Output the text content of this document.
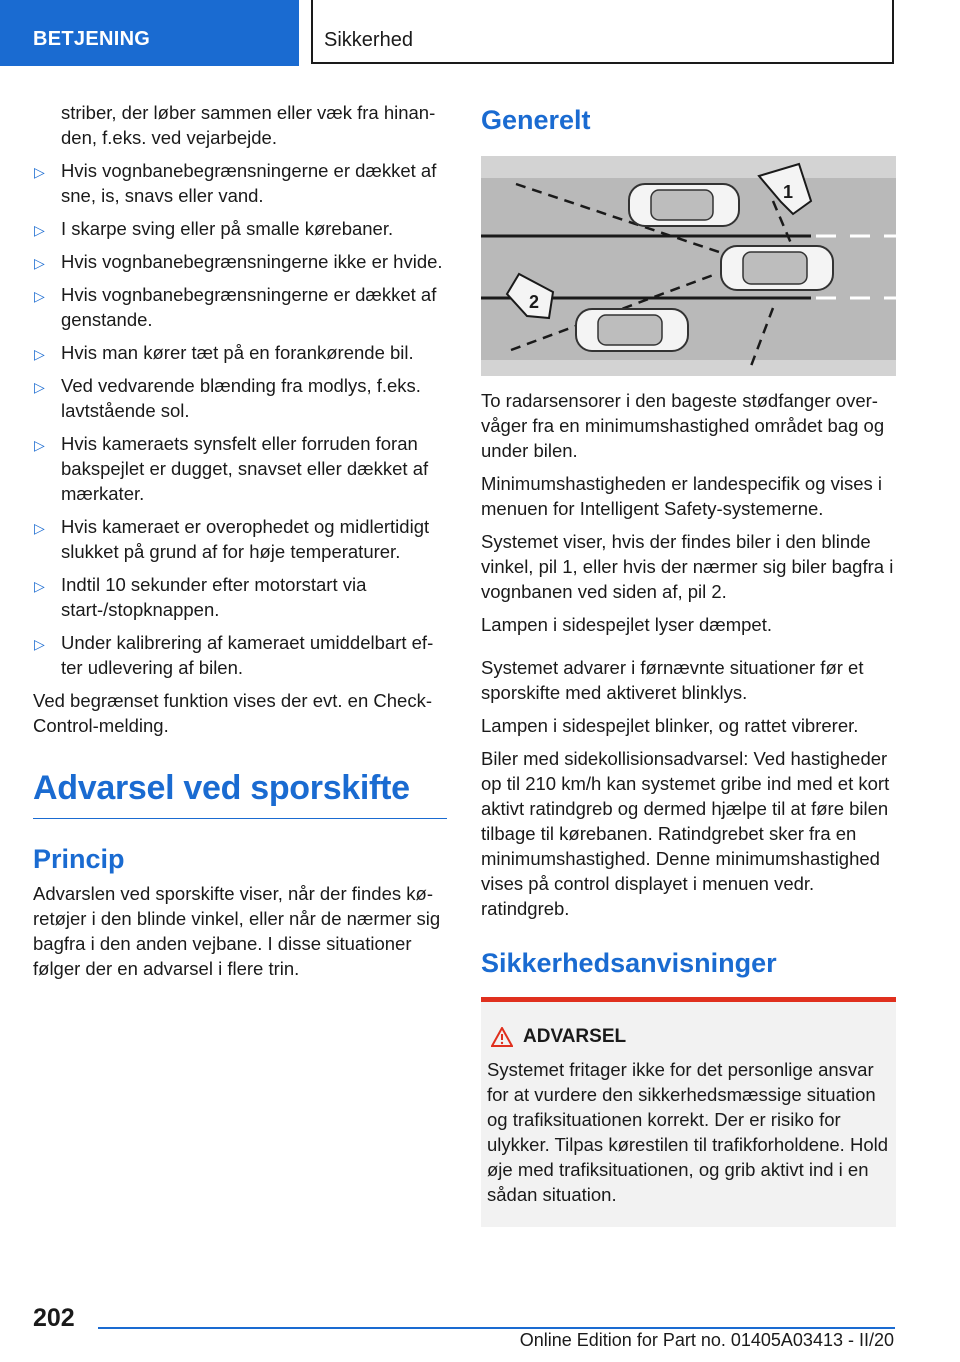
BETJENING	Sikkerhed

striber, der løber sammen eller væk fra hinanden, f.eks. ved vejarbejde.

▷ Hvis vognbanebegrænsningerne er dækket af sne, is, snavs eller vand.
▷ I skarpe sving eller på smalle kørebaner.
▷ Hvis vognbanebegrænsningerne ikke er hvide.
▷ Hvis vognbanebegrænsningerne er dækket af genstande.
▷ Hvis man kører tæt på en forankørende bil.
▷ Ved vedvarende blænding fra modlys, f.eks. lavtstående sol.
▷ Hvis kameraets synsfelt eller forruden foran bakspejlet er dugget, snavset eller dækket af mærkater.
▷ Hvis kameraet er overophedet og midlertidigt slukket på grund af for høje temperaturer.
▷ Indtil 10 sekunder efter motorstart via start-/stopknappen.
▷ Under kalibrering af kameraet umiddelbart efter udlevering af bilen.

Ved begrænset funktion vises der evt. en Check-Control-melding.

Advarsel ved sporskifte
Princip

Advarslen ved sporskifte viser, når der findes køretøjer i den blinde vinkel, eller når de nærmer sig bagfra i den anden vejbane. I disse situationer følger der en advarsel i flere trin.

Generelt
1
2

To radarsensorer i den bageste stødfanger overvåger fra en minimumshastighed området bag og under bilen.

Minimumshastigheden er landespecifik og vises i menuen for Intelligent Safety-systemerne.

Systemet viser, hvis der findes biler i den blinde vinkel, pil 1, eller hvis der nærmer sig biler bagfra i vognbanen ved siden af, pil 2.

Lampen i sidespejlet lyser dæmpet.

Systemet advarer i førnævnte situationer før et sporskifte med aktiveret blinklys.

Lampen i sidespejlet blinker, og rattet vibrerer.

Biler med sidekollisionsadvarsel: Ved hastigheder op til 210 km/h kan systemet gribe ind med et kort aktivt ratindgreb og dermed hjælpe til at føre bilen tilbage til kørebanen. Ratindgrebet sker fra en minimumshastighed. Denne minimumshastighed vises på control displayet i menuen vedr. ratindgreb.

Sikkerhedsanvisninger
ADVARSEL

Systemet fritager ikke for det personlige ansvar for at vurdere den sikkerhedsmæssige situation og trafiksituationen korrekt. Der er risiko for ulykker. Tilpas kørestilen til trafikforholdene. Hold øje med trafiksituationen, og grib aktivt ind i en sådan situation.

202
Online Edition for Part no. 01405A03413 - II/20
